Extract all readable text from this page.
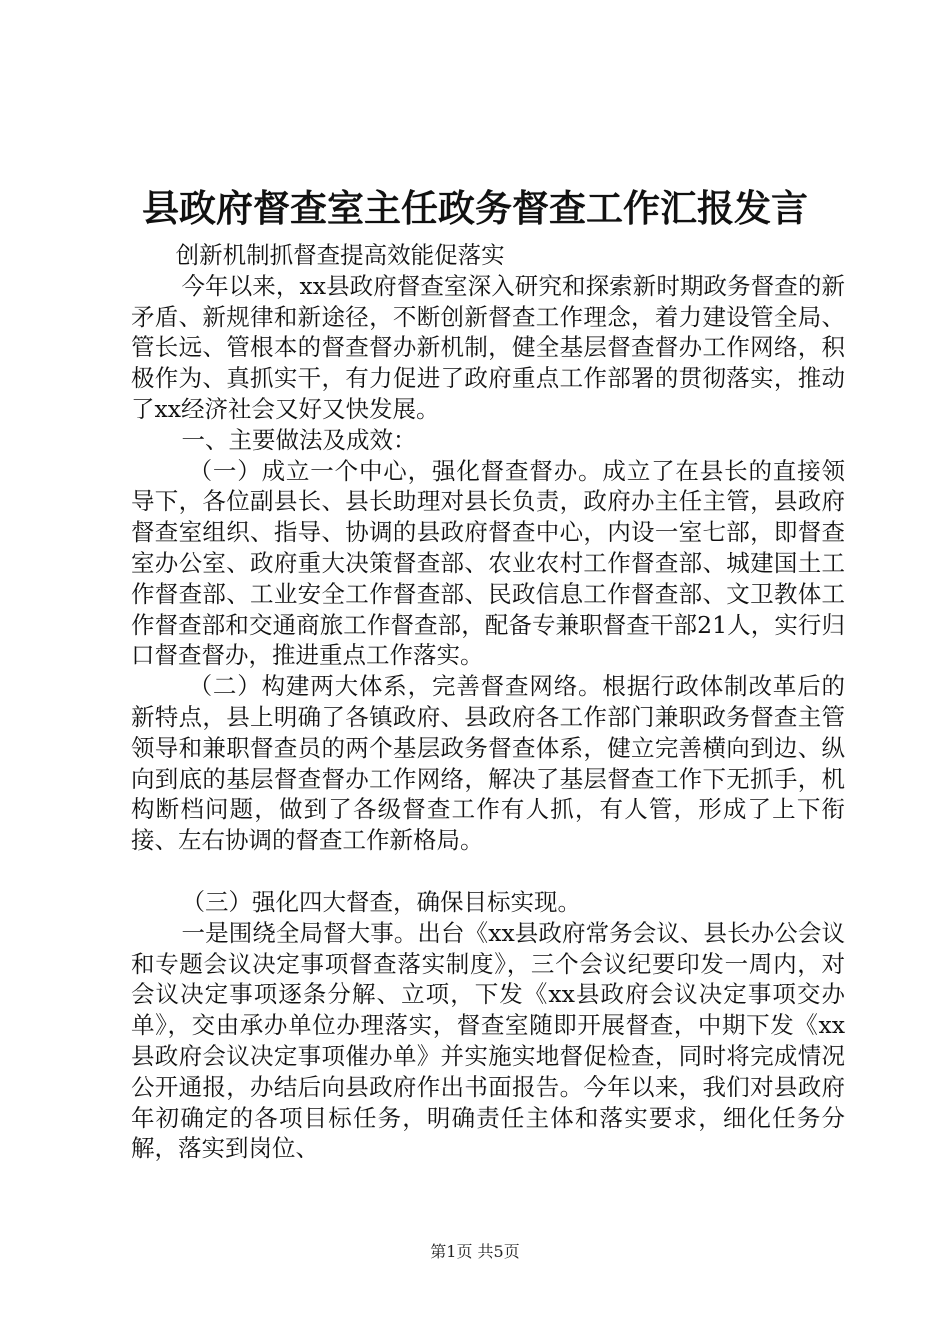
县政府督查室主任政务督查工作汇报发言

创新机制抓督查提高效能促落实

今年以来，xx县政府督查室深入研究和探索新时期政务督查的新矛盾、新规律和新途径，不断创新督查工作理念，着力建设管全局、管长远、管根本的督查督办新机制，健全基层督查督办工作网络，积极作为、真抓实干，有力促进了政府重点工作部署的贯彻落实，推动了xx经济社会又好又快发展。

一、主要做法及成效：

（一）成立一个中心，强化督查督办。成立了在县长的直接领导下，各位副县长、县长助理对县长负责，政府办主任主管，县政府督查室组织、指导、协调的县政府督查中心，内设一室七部，即督查室办公室、政府重大决策督查部、农业农村工作督查部、城建国土工作督查部、工业安全工作督查部、民政信息工作督查部、文卫教体工作督查部和交通商旅工作督查部，配备专兼职督查干部21人，实行归口督查督办，推进重点工作落实。

（二）构建两大体系，完善督查网络。根据行政体制改革后的新特点，县上明确了各镇政府、县政府各工作部门兼职政务督查主管领导和兼职督查员的两个基层政务督查体系，健立完善横向到边、纵向到底的基层督查督办工作网络，解决了基层督查工作下无抓手，机构断档问题，做到了各级督查工作有人抓，有人管，形成了上下衔接、左右协调的督查工作新格局。

（三）强化四大督查，确保目标实现。

一是围绕全局督大事。出台《xx县政府常务会议、县长办公会议和专题会议决定事项督查落实制度》，三个会议纪要印发一周内，对会议决定事项逐条分解、立项，下发《xx县政府会议决定事项交办单》，交由承办单位办理落实，督查室随即开展督查，中期下发《xx县政府会议决定事项催办单》并实施实地督促检查，同时将完成情况公开通报，办结后向县政府作出书面报告。今年以来，我们对县政府年初确定的各项目标任务，明确责任主体和落实要求，细化任务分解，落实到岗位、

第1页 共5页
